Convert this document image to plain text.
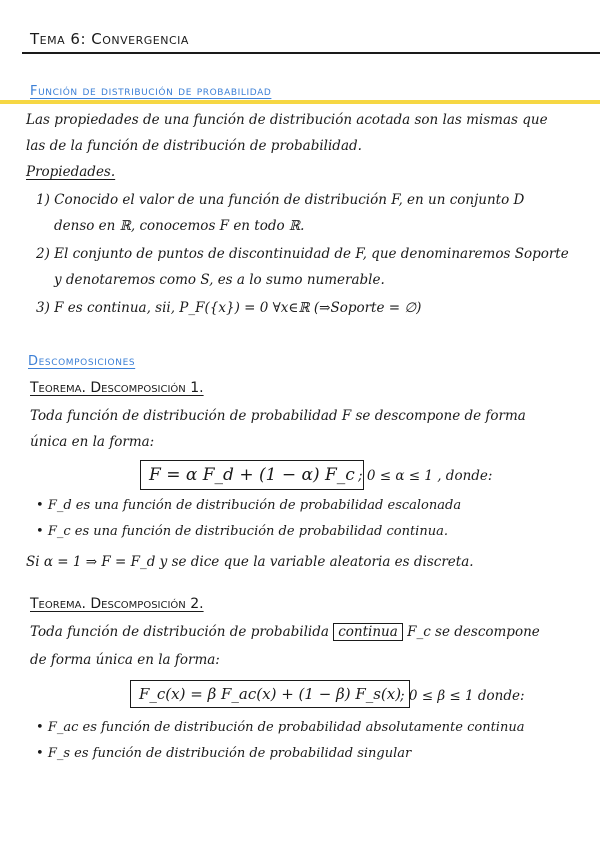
Tema 6: Convergencia
Función de distribución de probabilidad
Las propiedades de una función de distribución acotada son las mismas que
las de la función de distribución de probabilidad.
Propiedades.
1) Conocido el valor de una función de distribución F, en un conjunto D
denso en ℝ, conocemos F en todo ℝ.
2) El conjunto de puntos de discontinuidad de F, que denominaremos Soporte
y denotaremos como S, es a lo sumo numerable.
3) F es continua, sii, P_F({x}) = 0 ∀x∈ℝ (⇒Soporte = ∅)
Descomposiciones
Teorema. Descomposición 1.
Toda función de distribución de probabilidad F se descompone de forma
única en la forma:
F = α F_d + (1 − α) F_c ; 0 ≤ α ≤ 1 , donde:
• F_d es una función de distribución de probabilidad escalonada
• F_c es una función de distribución de probabilidad continua.
Si α = 1 ⇒ F = F_d y se dice que la variable aleatoria es discreta.
Teorema. Descomposición 2.
Toda función de distribución de probabilida continua F_c se descompone
de forma única en la forma:
F_c(x) = β F_ac(x) + (1 − β) F_s(x)
; 0 ≤ β ≤ 1 donde:
• F_ac es función de distribución de probabilidad absolutamente continua
• F_s es función de distribución de probabilidad singular
